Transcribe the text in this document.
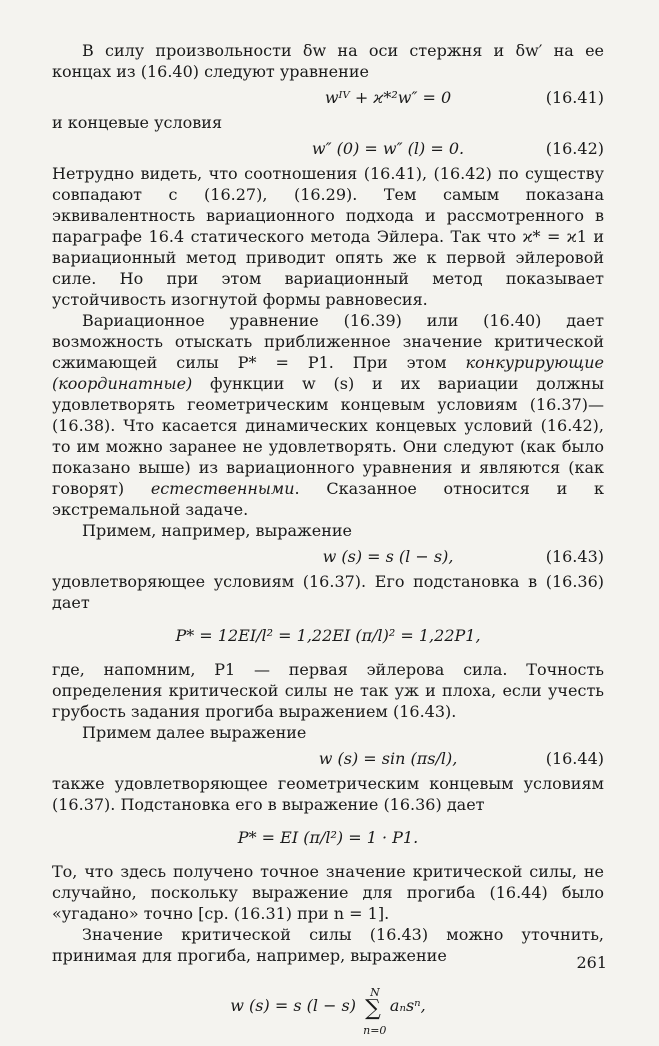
В силу произвольности δw на оси стержня и δw′ на ее концах из (16.40) следуют уравнение

wᴵⱽ + ϰ*²w″ = 0	(16.41)

и концевые условия

w″ (0) = w″ (l) = 0.	(16.42)

Нетрудно видеть, что соотношения (16.41), (16.42) по существу совпадают с (16.27), (16.29). Тем самым показана эквивалентность вариационного подхода и рассмотренного в параграфе 16.4 статического метода Эйлера. Так что ϰ* = ϰ1 и вариационный метод приводит опять же к первой эйлеровой силе. Но при этом вариационный метод показывает устойчивость изогнутой формы равновесия.

Вариационное уравнение (16.39) или (16.40) дает возможность отыскать приближенное значение критической сжимающей силы P* = P1. При этом конкурирующие (координатные) функции w (s) и их вариации должны удовлетворять геометрическим концевым условиям (16.37)—(16.38). Что касается динамических концевых условий (16.42), то им можно заранее не удовлетворять. Они следуют (как было показано выше) из вариационного уравнения и являются (как говорят) естественными. Сказанное относится и к экстремальной задаче.

Примем, например, выражение

w (s) = s (l − s),	(16.43)

удовлетворяющее условиям (16.37). Его подстановка в (16.36) дает

P* = 12EI/l² = 1,22EI (π/l)² = 1,22P1,

где, напомним, P1 — первая эйлерова сила. Точность определения критической силы не так уж и плоха, если учесть грубость задания прогиба выражением (16.43).

Примем далее выражение

w (s) = sin (πs/l),	(16.44)

также удовлетворяющее геометрическим концевым условиям (16.37). Подстановка его в выражение (16.36) дает

P* = EI (π/l²) = 1 · P1.

То, что здесь получено точное значение критической силы, не случайно, поскольку выражение для прогиба (16.44) было «угадано» точно [ср. (16.31) при n = 1].

Значение критической силы (16.43) можно уточнить, принимая для прогиба, например, выражение

w (s) = s (l − s) ∑
N
n=0
aₙsⁿ,
261
